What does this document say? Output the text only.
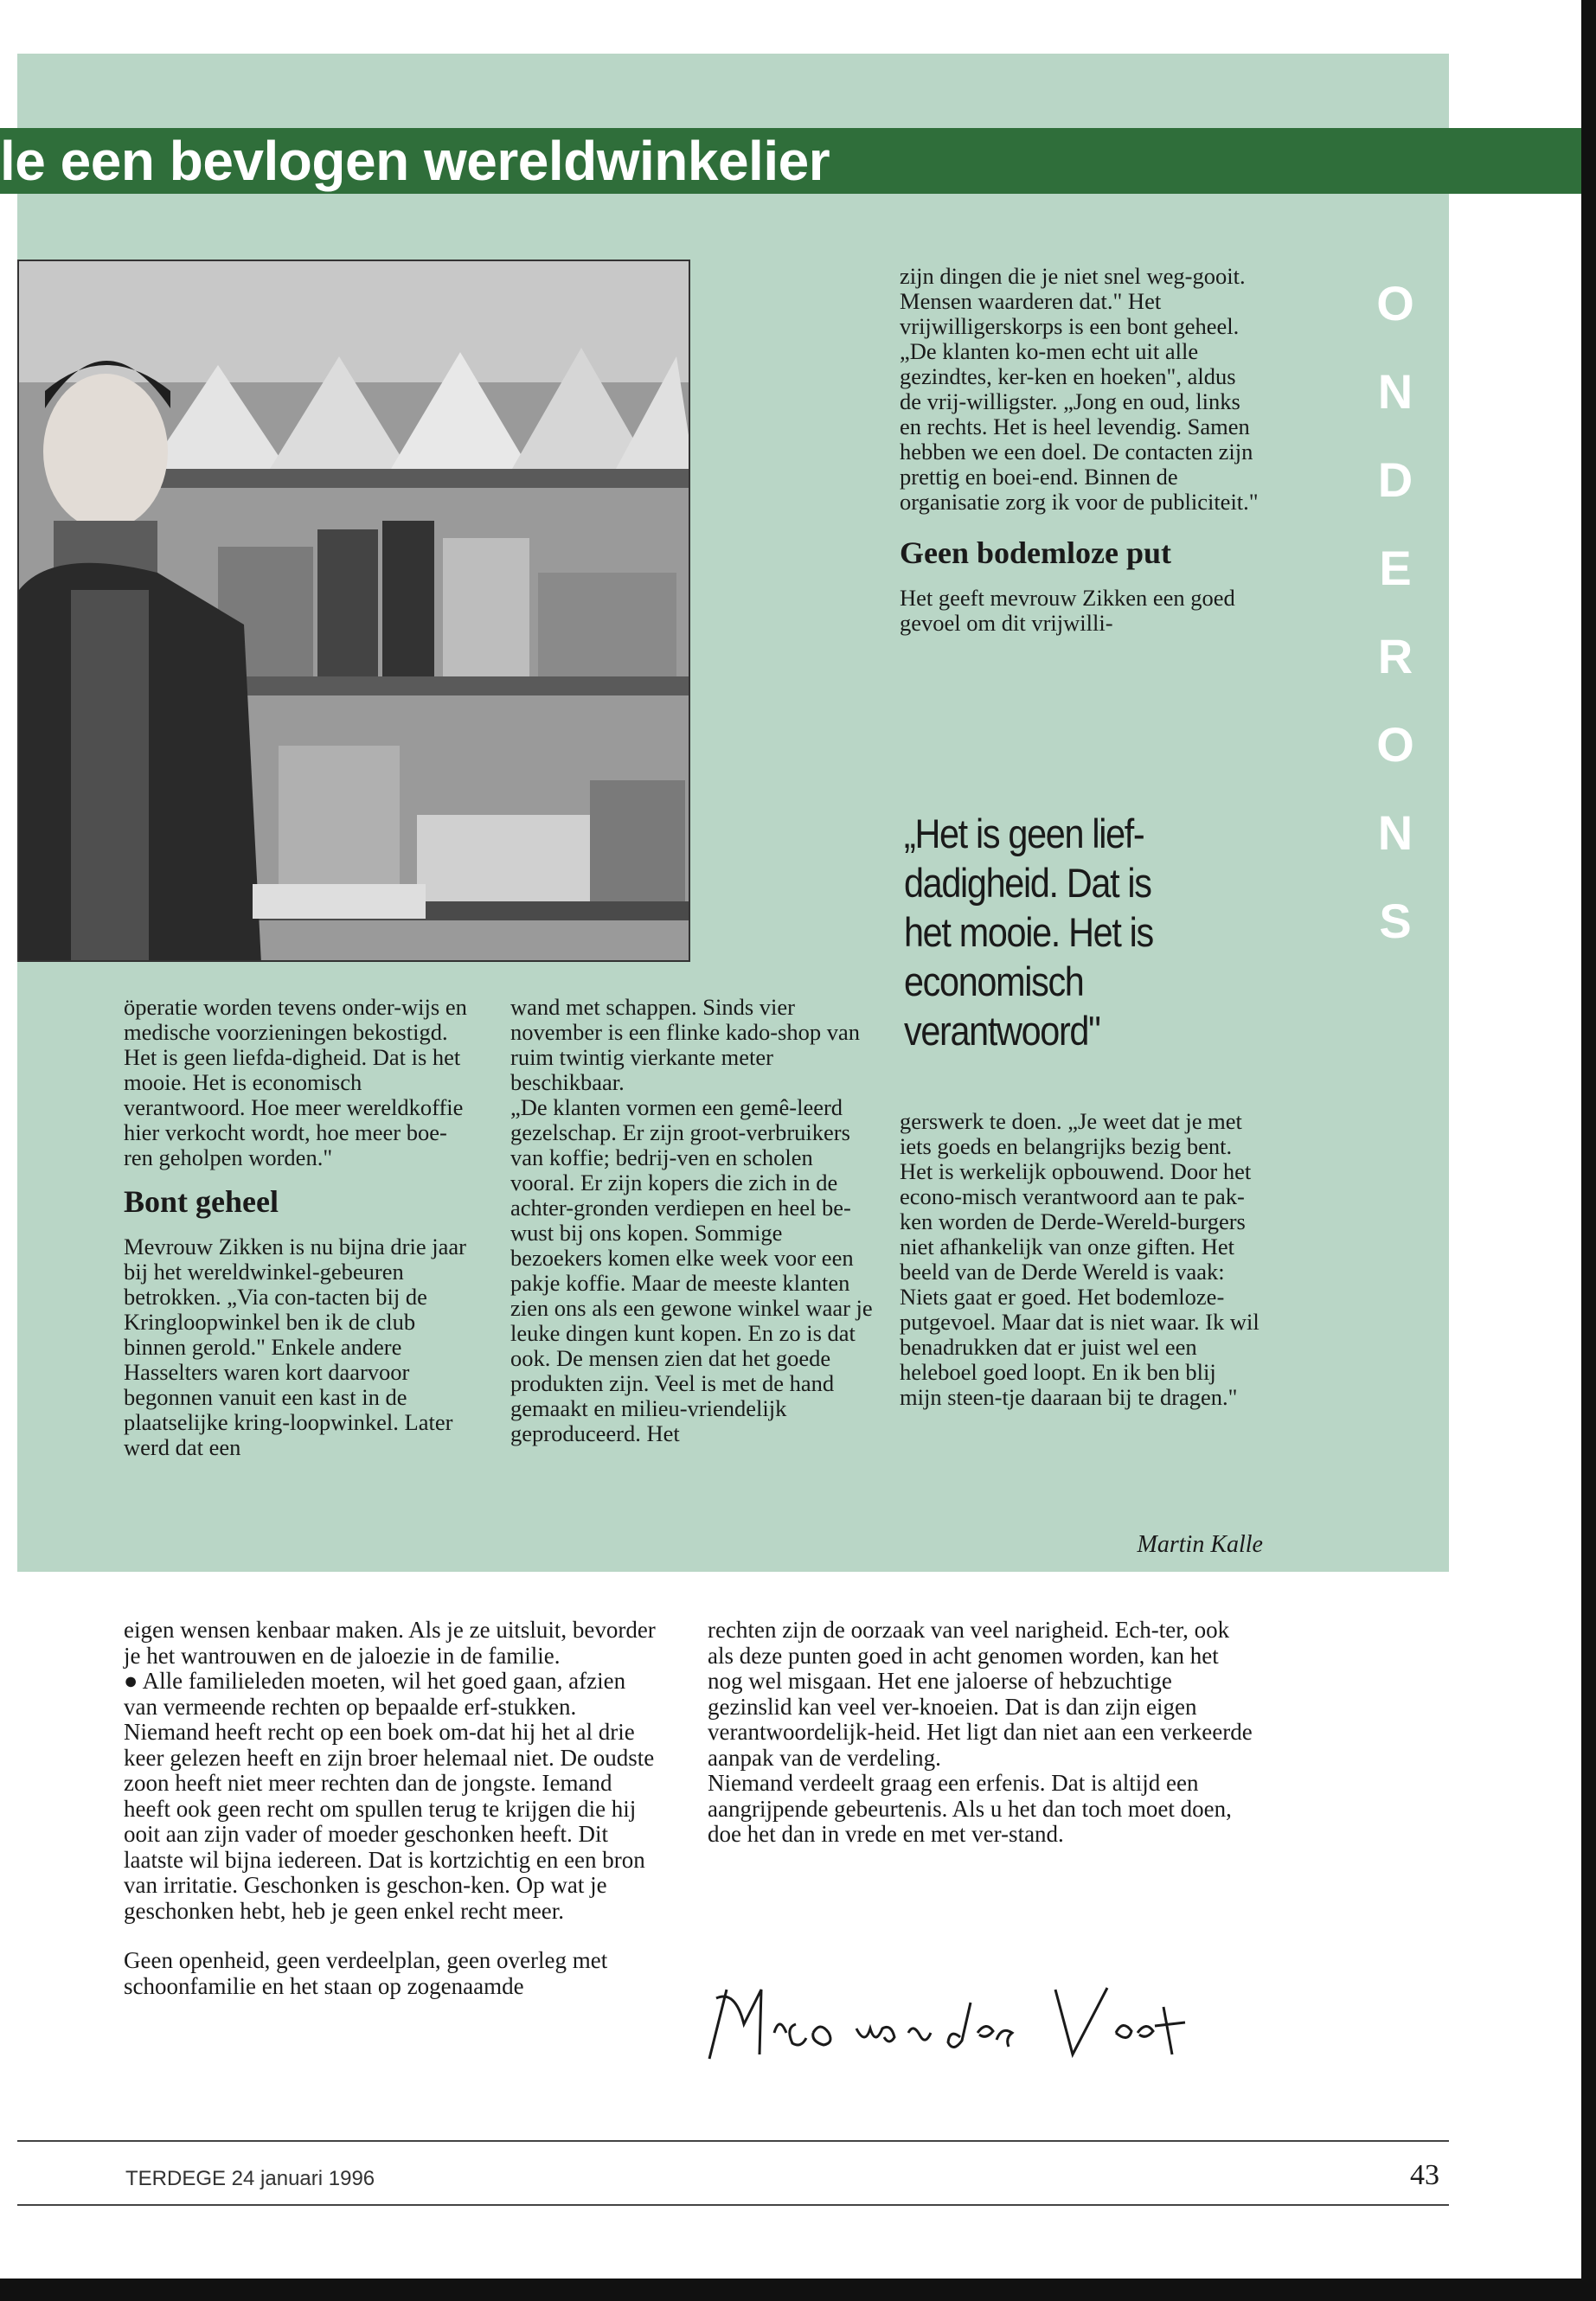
le een bevlogen wereldwinkelier

öperatie worden tevens onder-wijs en medische voorzieningen bekostigd. Het is geen liefda-digheid. Dat is het mooie. Het is economisch verantwoord. Hoe meer wereldkoffie hier verkocht wordt, hoe meer boe-ren geholpen worden."

Bont geheel

Mevrouw Zikken is nu bijna drie jaar bij het wereldwinkel-gebeuren betrokken. „Via con-tacten bij de Kringloopwinkel ben ik de club binnen gerold." Enkele andere Hasselters waren kort daarvoor begonnen vanuit een kast in de plaatselijke kring-loopwinkel. Later werd dat een

wand met schappen. Sinds vier november is een flinke kado-shop van ruim twintig vierkante meter beschikbaar.

„De klanten vormen een gemê-leerd gezelschap. Er zijn groot-verbruikers van koffie; bedrij-ven en scholen vooral. Er zijn kopers die zich in de achter-gronden verdiepen en heel be-wust bij ons kopen. Sommige bezoekers komen elke week voor een pakje koffie. Maar de meeste klanten zien ons als een gewone winkel waar je leuke dingen kunt kopen. En zo is dat ook. De mensen zien dat het goede produkten zijn. Veel is met de hand gemaakt en milieu-vriendelijk geproduceerd. Het

zijn dingen die je niet snel weg-gooit. Mensen waarderen dat." Het vrijwilligerskorps is een bont geheel. „De klanten ko-men echt uit alle gezindtes, ker-ken en hoeken", aldus de vrij-willigster. „Jong en oud, links en rechts. Het is heel levendig. Samen hebben we een doel. De contacten zijn prettig en boei-end. Binnen de organisatie zorg ik voor de publiciteit."

Geen bodemloze put

Het geeft mevrouw Zikken een goed gevoel om dit vrijwilli-

„Het is geen lief-dadigheid. Dat is het mooie. Het is economisch verantwoord"

gerswerk te doen. „Je weet dat je met iets goeds en belangrijks bezig bent. Het is werkelijk opbouwend. Door het econo-misch verantwoord aan te pak-ken worden de Derde-Wereld-burgers niet afhankelijk van onze giften. Het beeld van de Derde Wereld is vaak: Niets gaat er goed. Het bodemloze-putgevoel. Maar dat is niet waar. Ik wil benadrukken dat er juist wel een heleboel goed loopt. En ik ben blij mijn steen-tje daaraan bij te dragen."

Martin Kalle
O
N
D
E
R
O
N
S

eigen wensen kenbaar maken. Als je ze uitsluit, bevorder je het wantrouwen en de jaloezie in de familie.

● Alle familieleden moeten, wil het goed gaan, afzien van vermeende rechten op bepaalde erf-stukken. Niemand heeft recht op een boek om-dat hij het al drie keer gelezen heeft en zijn broer helemaal niet. De oudste zoon heeft niet meer rechten dan de jongste. Iemand heeft ook geen recht om spullen terug te krijgen die hij ooit aan zijn vader of moeder geschonken heeft. Dit laatste wil bijna iedereen. Dat is kortzichtig en een bron van irritatie. Geschonken is geschon-ken. Op wat je geschonken hebt, heb je geen enkel recht meer.

Geen openheid, geen verdeelplan, geen overleg met schoonfamilie en het staan op zogenaamde

rechten zijn de oorzaak van veel narigheid. Ech-ter, ook als deze punten goed in acht genomen worden, kan het nog wel misgaan. Het ene jaloerse of hebzuchtige gezinslid kan veel ver-knoeien. Dat is dan zijn eigen verantwoordelijk-heid. Het ligt dan niet aan een verkeerde aanpak van de verdeling.

Niemand verdeelt graag een erfenis. Dat is altijd een aangrijpende gebeurtenis. Als u het dan toch moet doen, doe het dan in vrede en met ver-stand.

TERDEGE 24 januari 1996	43
